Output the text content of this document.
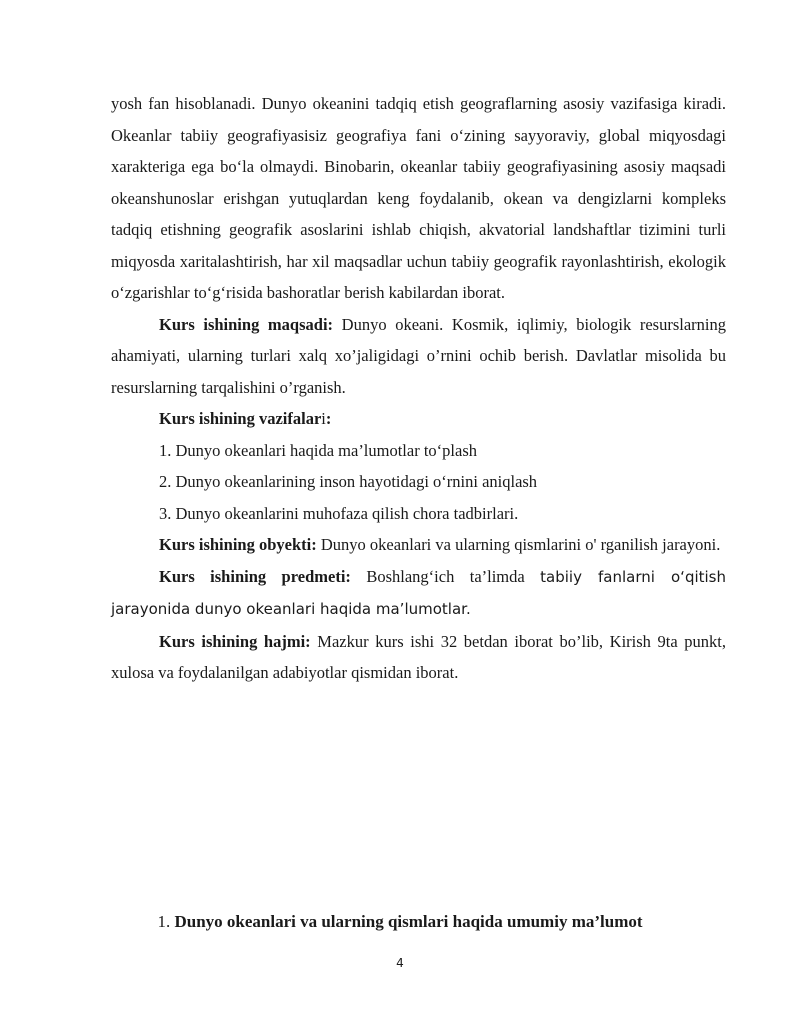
yosh fan hisoblanadi. Dunyo okeanini tadqiq etish geograflarning asosiy vazifasiga kiradi. Okeanlar tabiiy geografiyasisiz geografiya fani o‘zining sayyoraviy, global miqyosdagi xarakteriga ega bo‘la olmaydi. Binobarin, okeanlar tabiiy geografiyasining asosiy maqsadi okeanshunoslar erishgan yutuqlardan keng foydalanib, okean va dengizlarni kompleks tadqiq etishning geografik asoslarini ishlab chiqish, akvatorial landshaftlar tizimini turli miqyosda xaritalashtirish, har xil maqsadlar uchun tabiiy geografik rayonlashtirish, ekologik o‘zgarishlar to‘g‘risida bashoratlar berish kabilardan iborat.

Kurs ishining maqsadi: Dunyo okeani. Kosmik, iqlimiy, biologik resurslarning ahamiyati, ularning turlari xalq xo’jaligidagi o’rnini ochib berish. Davlatlar misolida bu resurslarning tarqalishini o’rganish.

Kurs ishining vazifalari:

1. Dunyo okeanlari haqida ma’lumotlar to‘plash

2. Dunyo okeanlarining inson hayotidagi o‘rnini aniqlash

3. Dunyo okeanlarini muhofaza qilish chora tadbirlari.

Kurs ishining obyekti: Dunyo okeanlari va ularning qismlarini o' rganilish jarayoni.

Kurs ishining predmeti: Boshlang‘ich ta’limda tabiiy fanlarni o‘qitish jarayonida dunyo okeanlari haqida ma’lumotlar.

Kurs ishining hajmi: Mazkur kurs ishi 32 betdan iborat bo’lib, Kirish 9ta punkt, xulosa va foydalanilgan adabiyotlar qismidan iborat.

1. Dunyo okeanlari va ularning qismlari haqida umumiy ma’lumot

4
